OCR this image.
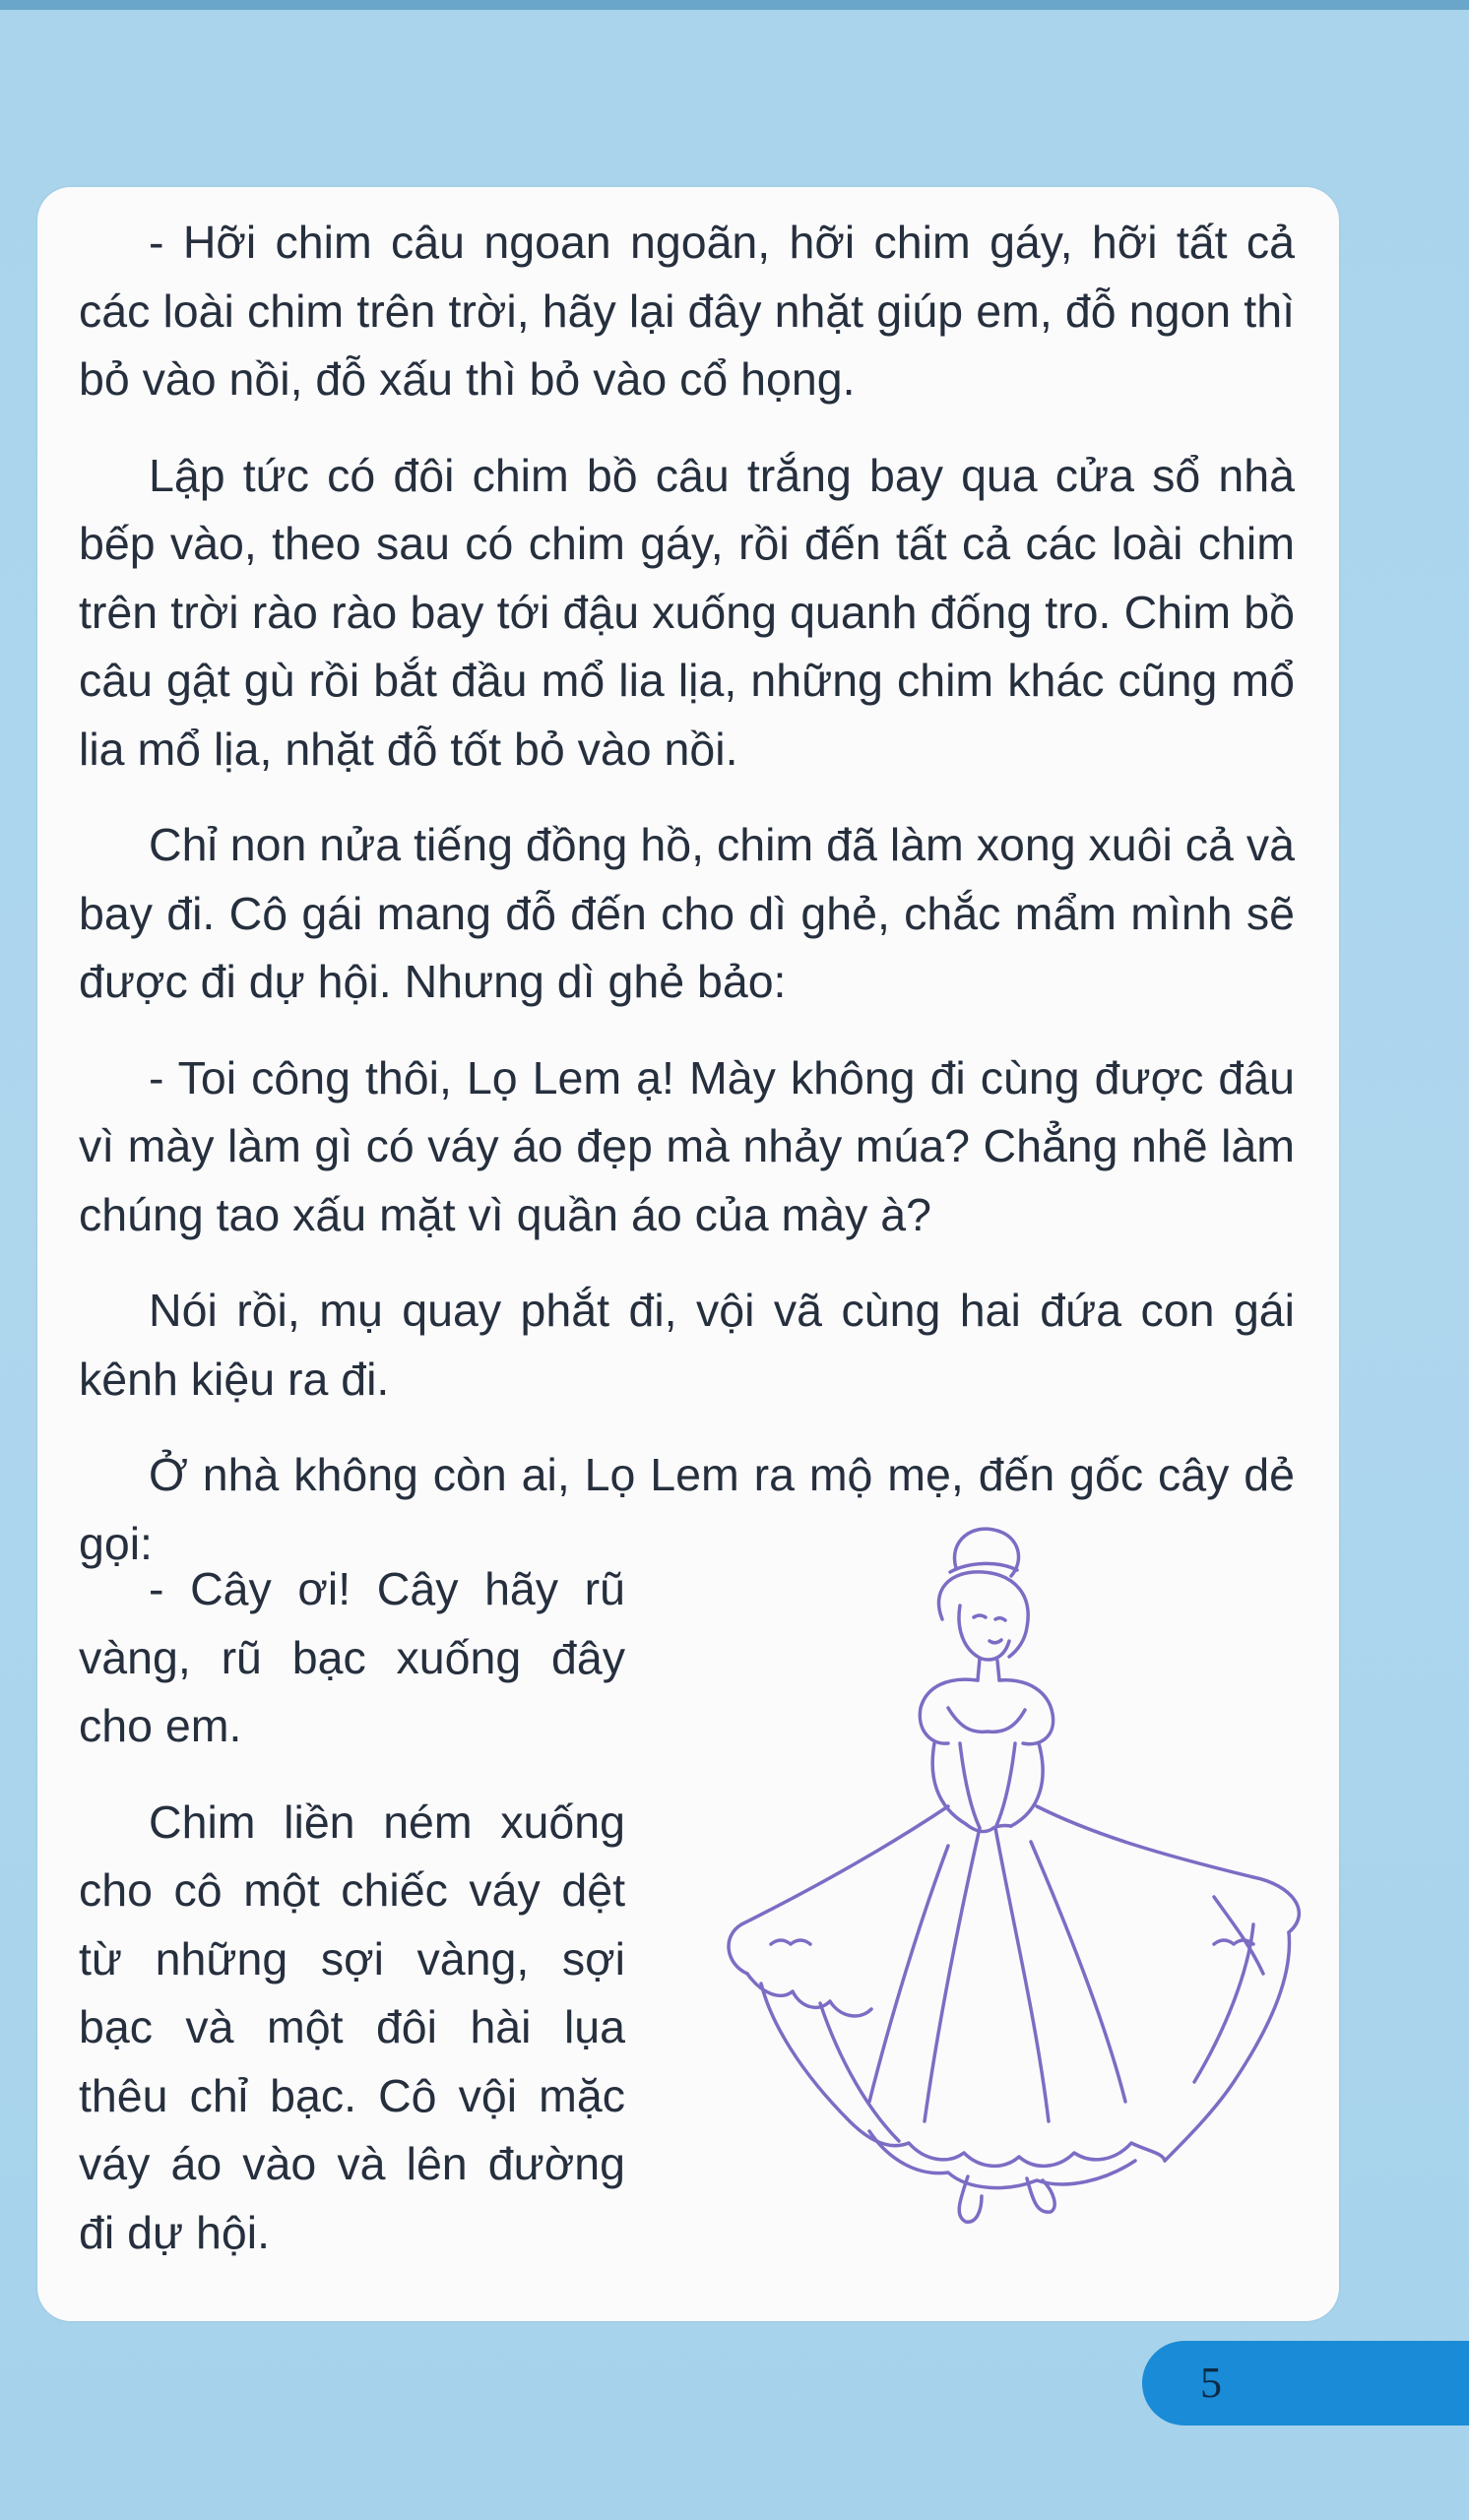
- Hỡi chim câu ngoan ngoãn, hỡi chim gáy, hỡi tất cả các loài chim trên trời, hãy lại đây nhặt giúp em, đỗ ngon thì bỏ vào nồi, đỗ xấu thì bỏ vào cổ họng.

Lập tức có đôi chim bồ câu trắng bay qua cửa sổ nhà bếp vào, theo sau có chim gáy, rồi đến tất cả các loài chim trên trời rào rào bay tới đậu xuống quanh đống tro. Chim bồ câu gật gù rồi bắt đầu mổ lia lịa, những chim khác cũng mổ lia mổ lịa, nhặt đỗ tốt bỏ vào nồi.

Chỉ non nửa tiếng đồng hồ, chim đã làm xong xuôi cả và bay đi. Cô gái mang đỗ đến cho dì ghẻ, chắc mẩm mình sẽ được đi dự hội. Nhưng dì ghẻ bảo:

- Toi công thôi, Lọ Lem ạ! Mày không đi cùng được đâu vì mày làm gì có váy áo đẹp mà nhảy múa? Chẳng nhẽ làm chúng tao xấu mặt vì quần áo của mày à?

Nói rồi, mụ quay phắt đi, vội vã cùng hai đứa con gái kênh kiệu ra đi.

Ở nhà không còn ai, Lọ Lem ra mộ mẹ, đến gốc cây dẻ gọi:

- Cây ơi! Cây hãy rũ vàng, rũ bạc xuống đây cho em.

Chim liền ném xuống cho cô một chiếc váy dệt từ những sợi vàng, sợi bạc và một đôi hài lụa thêu chỉ bạc. Cô vội mặc váy áo vào và lên đường đi dự hội.

5
